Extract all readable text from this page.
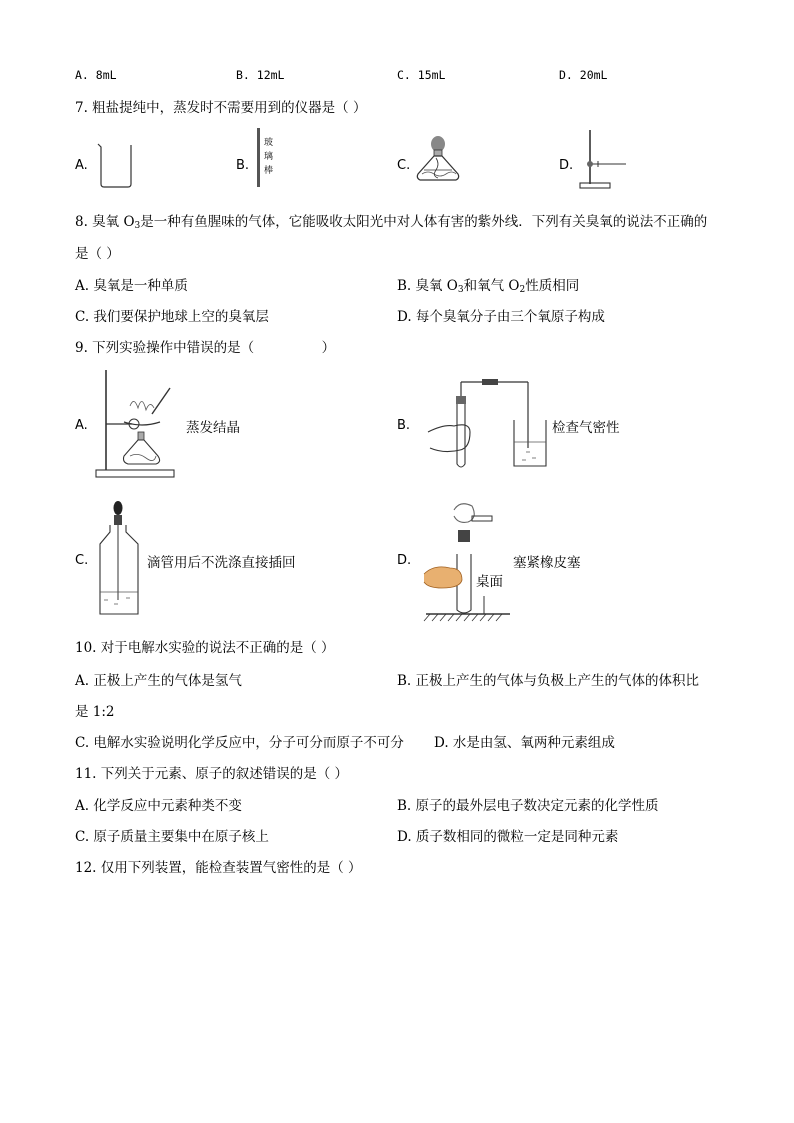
A. 8mL	B. 12mL	C. 15mL	D. 20mL
7. 粗盐提纯中，蒸发时不需要用到的仪器是（ ）
A.	B.	C.	D.
玻
璃
棒
8. 臭氧 $O_3$是一种有鱼腥味的气体，它能吸收太阳光中对人体有害的紫外线．下列有关臭氧的说法不正确的
是（ ）
A. 臭氧是一种单质	B. 臭氧 $O_3$和氧气 $O_2$性质相同
C. 我们要保护地球上空的臭氧层	D. 每个臭氧分子由三个氧原子构成
9. 下列实验操作中错误的是（　　　　　）
A.	蒸发结晶	B.	检查气密性
C.	滴管用后不洗涤直接插回	D.	塞紧橡皮塞
桌面
10. 对于电解水实验的说法不正确的是（ ）
A. 正极上产生的气体是氢气	B. 正极上产生的气体与负极上产生的气体的体积比
是 1:2
C. 电解水实验说明化学反应中，分子可分而原子不可分 D. 水是由氢、氧两种元素组成
11. 下列关于元素、原子的叙述错误的是（ ）
A. 化学反应中元素种类不变	B. 原子的最外层电子数决定元素的化学性质
C. 原子质量主要集中在原子核上	D. 质子数相同的微粒一定是同种元素
12. 仅用下列装置，能检查装置气密性的是（ ）
